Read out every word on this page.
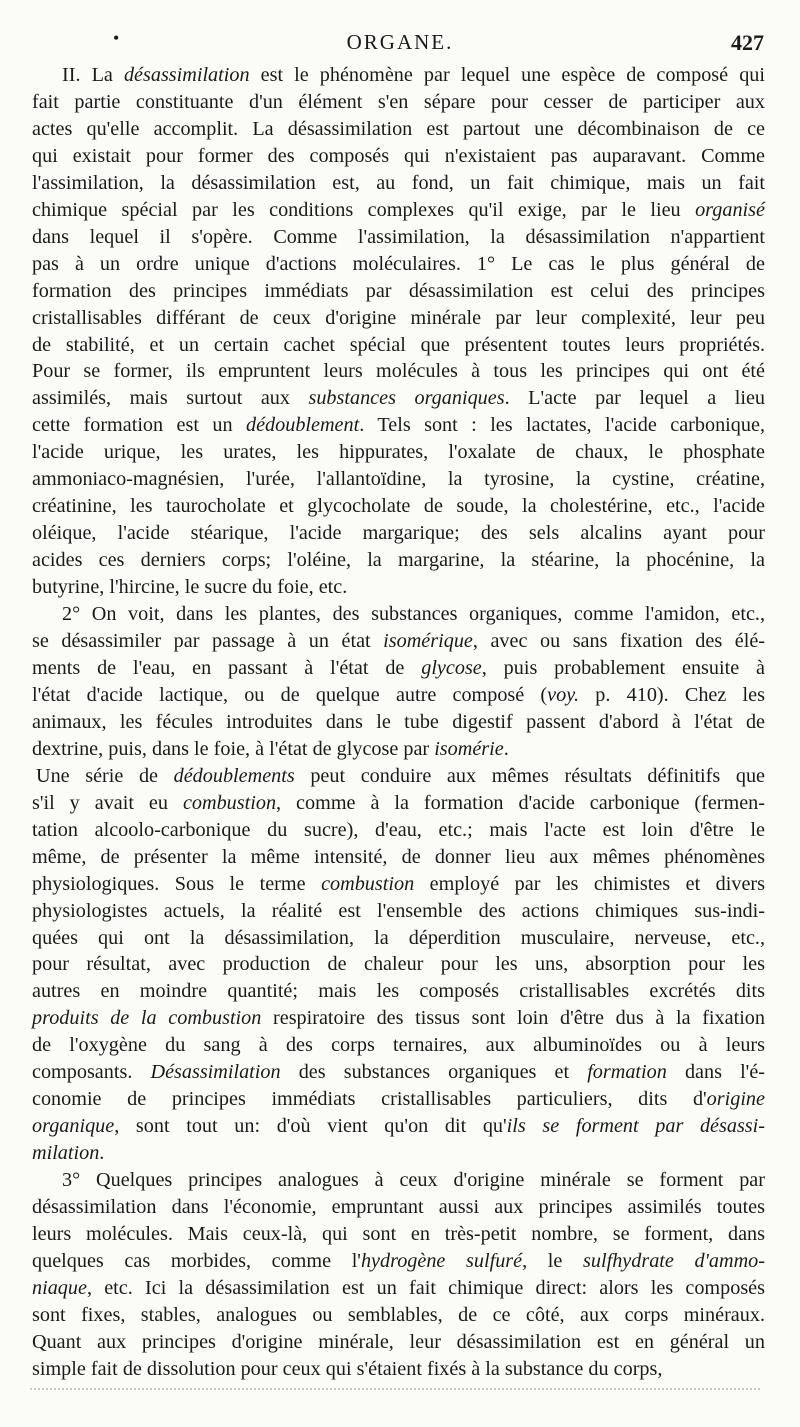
•	ORGANE.	427

II. La désassimilation est le phénomène par lequel une espèce de composé qui

fait partie constituante d'un élément s'en sépare pour cesser de participer aux

actes qu'elle accomplit. La désassimilation est partout une décombinaison de ce

qui existait pour former des composés qui n'existaient pas auparavant. Comme

l'assimilation, la désassimilation est, au fond, un fait chimique, mais un fait

chimique spécial par les conditions complexes qu'il exige, par le lieu organisé

dans lequel il s'opère. Comme l'assimilation, la désassimilation n'appartient

pas à un ordre unique d'actions moléculaires. 1° Le cas le plus général de

formation des principes immédiats par désassimilation est celui des principes

cristallisables différant de ceux d'origine minérale par leur complexité, leur peu

de stabilité, et un certain cachet spécial que présentent toutes leurs propriétés.

Pour se former, ils empruntent leurs molécules à tous les principes qui ont été

assimilés, mais surtout aux substances organiques. L'acte par lequel a lieu

cette formation est un dédoublement. Tels sont : les lactates, l'acide carbonique,

l'acide urique, les urates, les hippurates, l'oxalate de chaux, le phosphate

ammoniaco-magnésien, l'urée, l'allantoïdine, la tyrosine, la cystine, créatine,

créatinine, les taurocholate et glycocholate de soude, la cholestérine, etc., l'acide

oléique, l'acide stéarique, l'acide margarique; des sels alcalins ayant pour

acides ces derniers corps; l'oléine, la margarine, la stéarine, la phocénine, la

butyrine, l'hircine, le sucre du foie, etc.

2° On voit, dans les plantes, des substances organiques, comme l'amidon, etc.,

se désassimiler par passage à un état isomérique, avec ou sans fixation des élé-

ments de l'eau, en passant à l'état de glycose, puis probablement ensuite à

l'état d'acide lactique, ou de quelque autre composé (voy. p. 410). Chez les

animaux, les fécules introduites dans le tube digestif passent d'abord à l'état de

dextrine, puis, dans le foie, à l'état de glycose par isomérie.

Une série de dédoublements peut conduire aux mêmes résultats définitifs que

s'il y avait eu combustion, comme à la formation d'acide carbonique (fermen-

tation alcoolo-carbonique du sucre), d'eau, etc.; mais l'acte est loin d'être le

même, de présenter la même intensité, de donner lieu aux mêmes phénomènes

physiologiques. Sous le terme combustion employé par les chimistes et divers

physiologistes actuels, la réalité est l'ensemble des actions chimiques sus-indi-

quées qui ont la désassimilation, la déperdition musculaire, nerveuse, etc.,

pour résultat, avec production de chaleur pour les uns, absorption pour les

autres en moindre quantité; mais les composés cristallisables excrétés dits

produits de la combustion respiratoire des tissus sont loin d'être dus à la fixation

de l'oxygène du sang à des corps ternaires, aux albuminoïdes ou à leurs

composants. Désassimilation des substances organiques et formation dans l'é-

conomie de principes immédiats cristallisables particuliers, dits d'origine

organique, sont tout un: d'où vient qu'on dit qu'ils se forment par désassi-

milation.

3° Quelques principes analogues à ceux d'origine minérale se forment par

désassimilation dans l'économie, empruntant aussi aux principes assimilés toutes

leurs molécules. Mais ceux-là, qui sont en très-petit nombre, se forment, dans

quelques cas morbides, comme l'hydrogène sulfuré, le sulfhydrate d'ammo-

niaque, etc. Ici la désassimilation est un fait chimique direct: alors les composés

sont fixes, stables, analogues ou semblables, de ce côté, aux corps minéraux.

Quant aux principes d'origine minérale, leur désassimilation est en général un

simple fait de dissolution pour ceux qui s'étaient fixés à la substance du corps,
